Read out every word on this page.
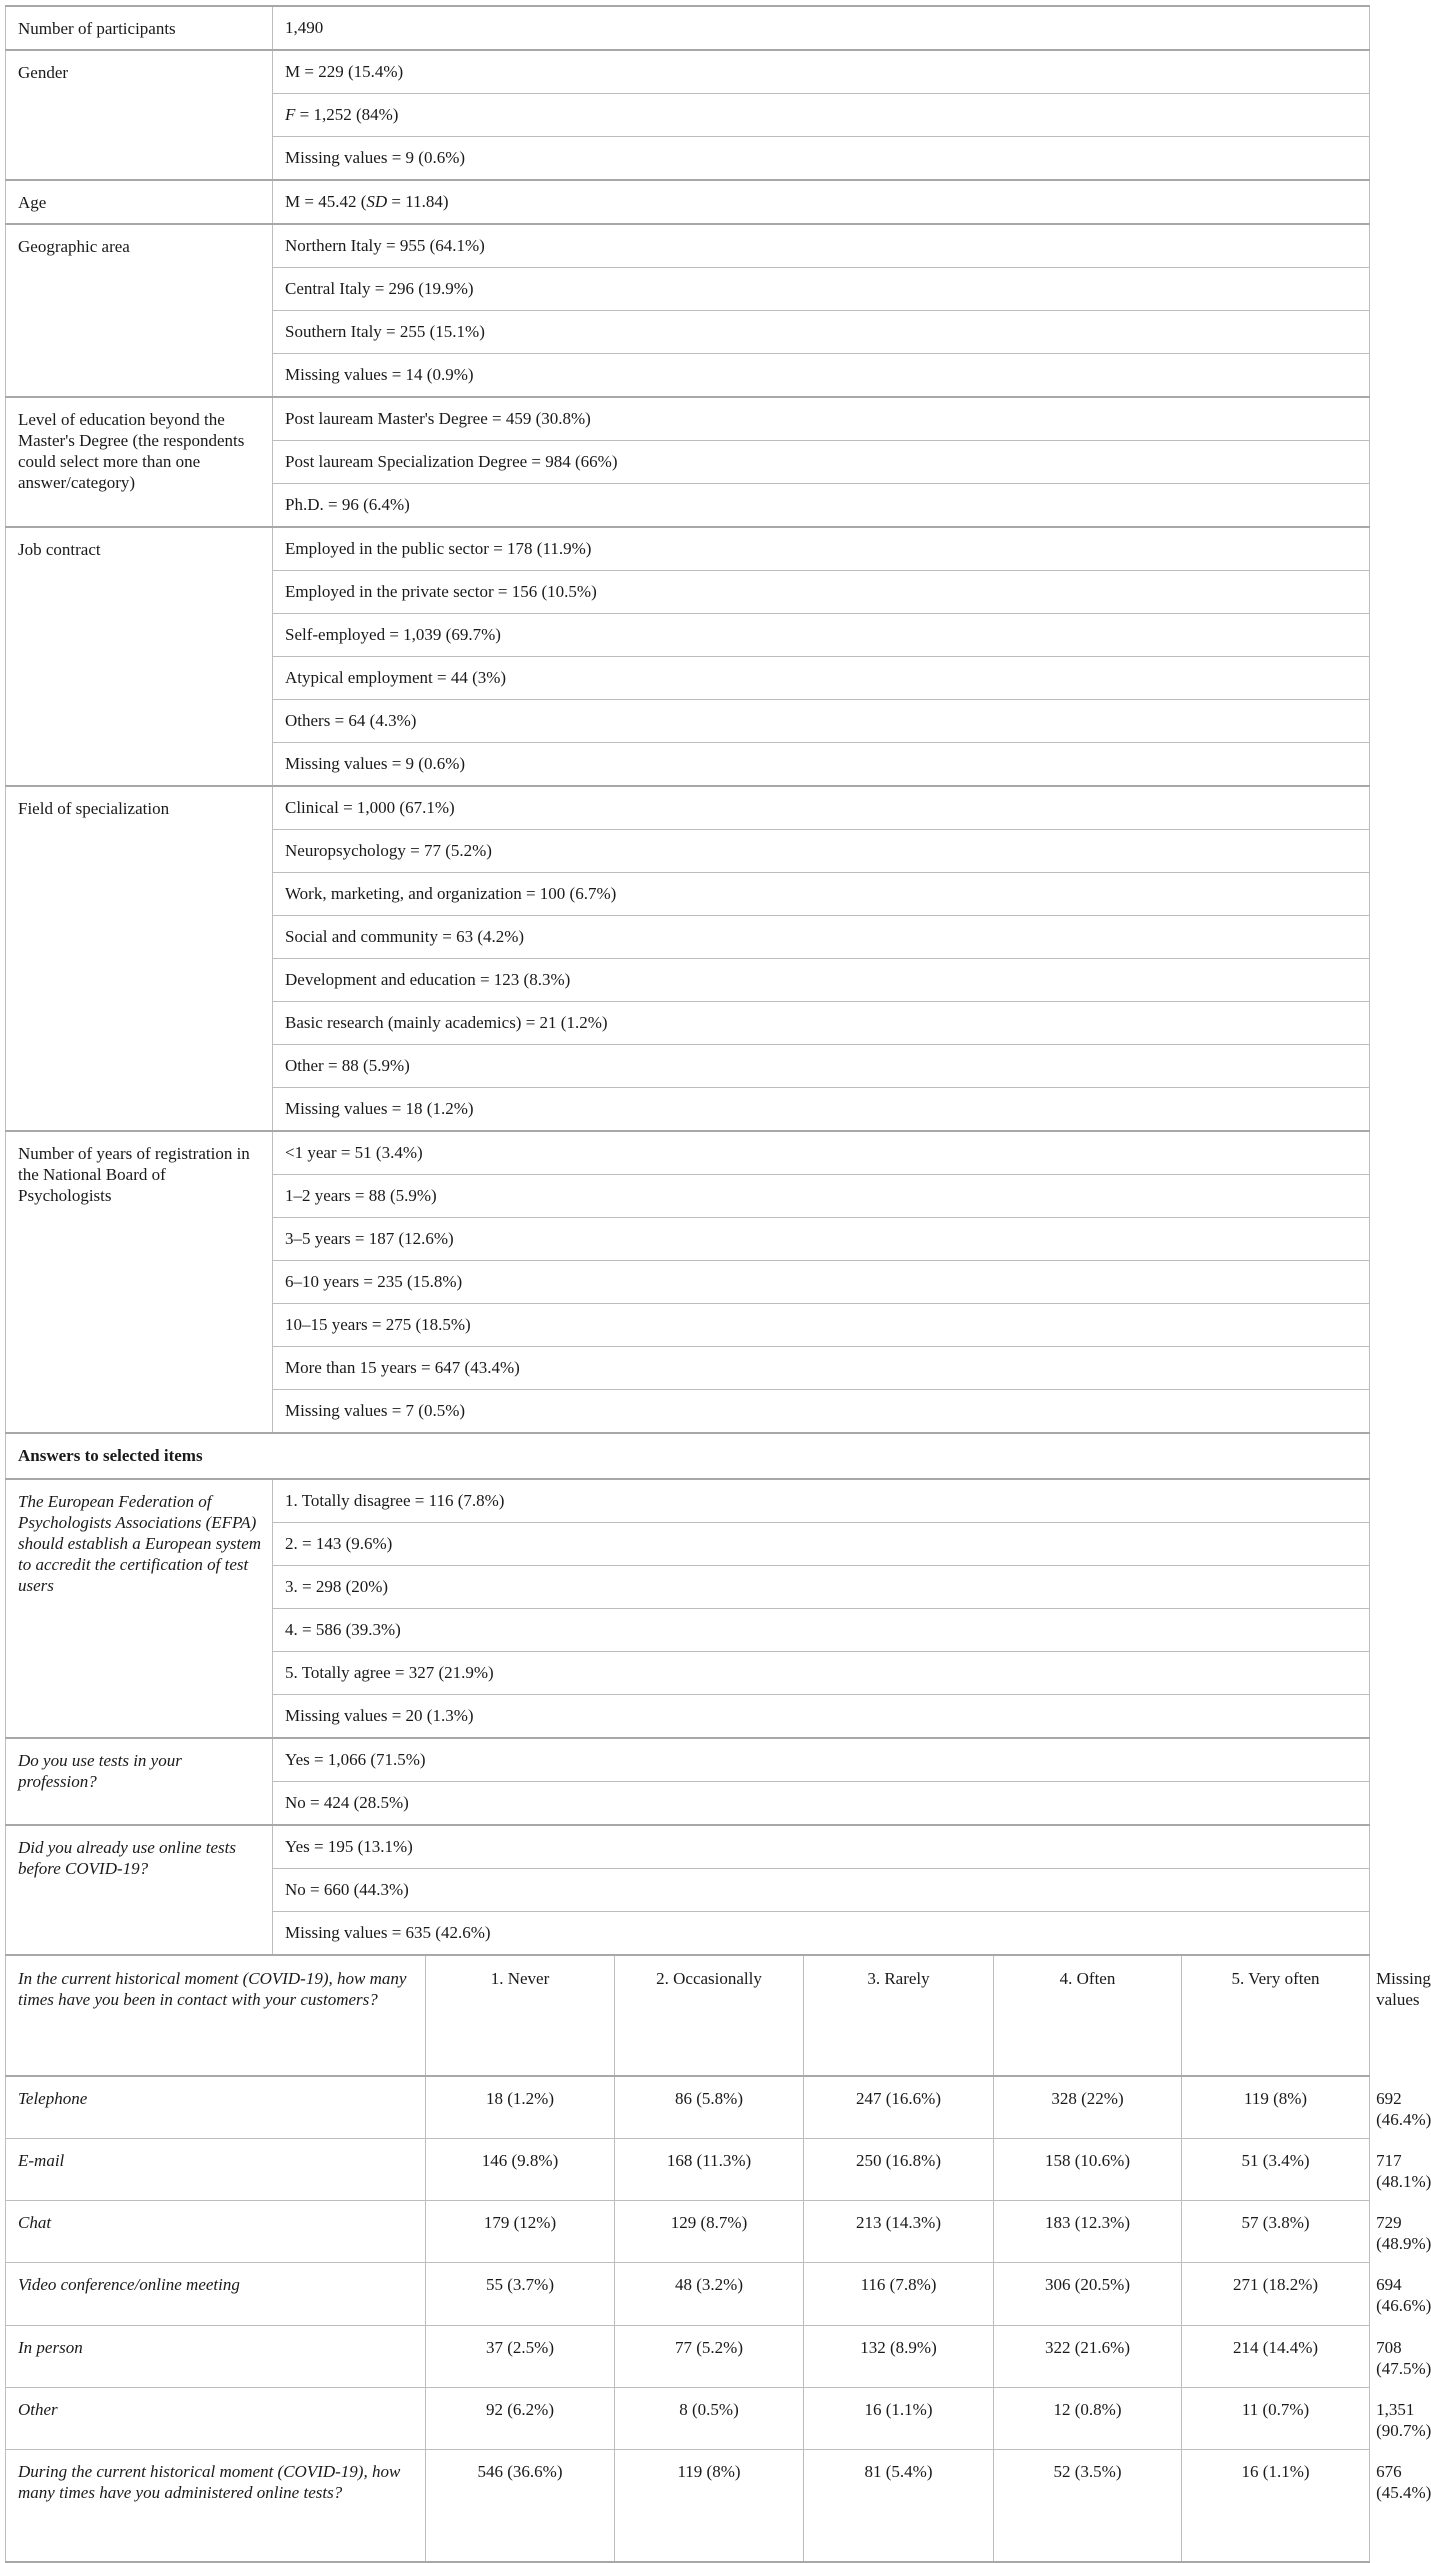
Number of participants	1,490						
Gender	M = 229 (15.4%)						
	F = 1,252 (84%)						
	Missing values = 9 (0.6%)						
Age	M = 45.42 (SD = 11.84)						
Geographic area	Northern Italy = 955 (64.1%)						
	Central Italy = 296 (19.9%)						
	Southern Italy = 255 (15.1%)						
	Missing values = 14 (0.9%)						
Level of education beyond the Master's Degree (the respondents could select more than one answer/category)	Post lauream Master's Degree = 459 (30.8%)						
	Post lauream Specialization Degree = 984 (66%)						
	Ph.D. = 96 (6.4%)						
Job contract	Employed in the public sector = 178 (11.9%)						
	Employed in the private sector = 156 (10.5%)						
	Self-employed = 1,039 (69.7%)						
	Atypical employment = 44 (3%)						
	Others = 64 (4.3%)						
	Missing values = 9 (0.6%)						
Field of specialization	Clinical = 1,000 (67.1%)						
	Neuropsychology = 77 (5.2%)						
	Work, marketing, and organization = 100 (6.7%)						
	Social and community = 63 (4.2%)						
	Development and education = 123 (8.3%)						
	Basic research (mainly academics) = 21 (1.2%)						
	Other = 88 (5.9%)						
	Missing values = 18 (1.2%)						
Number of years of registration in the National Board of Psychologists	<1 year = 51 (3.4%)						
	1–2 years = 88 (5.9%)						
	3–5 years = 187 (12.6%)						
	6–10 years = 235 (15.8%)						
	10–15 years = 275 (18.5%)						
	More than 15 years = 647 (43.4%)						
	Missing values = 7 (0.5%)						
Answers to selected items							
The European Federation of Psychologists Associations (EFPA) should establish a European system to accredit the certification of test users	1. Totally disagree = 116 (7.8%)						
	2. = 143 (9.6%)						
	3. = 298 (20%)						
	4. = 586 (39.3%)						
	5. Totally agree = 327 (21.9%)						
	Missing values = 20 (1.3%)						
Do you use tests in your profession?	Yes = 1,066 (71.5%)						
	No = 424 (28.5%)						
Did you already use online tests before COVID-19?	Yes = 195 (13.1%)						
	No = 660 (44.3%)						
	Missing values = 635 (42.6%)						
In the current historical moment (COVID-19), how many times have you been in contact with your customers?		1. Never	2. Occasionally	3. Rarely	4. Often	5. Very often	Missing values
Telephone		18 (1.2%)	86 (5.8%)	247 (16.6%)	328 (22%)	119 (8%)	692 (46.4%)
E-mail		146 (9.8%)	168 (11.3%)	250 (16.8%)	158 (10.6%)	51 (3.4%)	717 (48.1%)
Chat		179 (12%)	129 (8.7%)	213 (14.3%)	183 (12.3%)	57 (3.8%)	729 (48.9%)
Video conference/online meeting		55 (3.7%)	48 (3.2%)	116 (7.8%)	306 (20.5%)	271 (18.2%)	694 (46.6%)
In person		37 (2.5%)	77 (5.2%)	132 (8.9%)	322 (21.6%)	214 (14.4%)	708 (47.5%)
Other		92 (6.2%)	8 (0.5%)	16 (1.1%)	12 (0.8%)	11 (0.7%)	1,351 (90.7%)
During the current historical moment (COVID-19), how many times have you administered online tests?		546 (36.6%)	119 (8%)	81 (5.4%)	52 (3.5%)	16 (1.1%)	676 (45.4%)
